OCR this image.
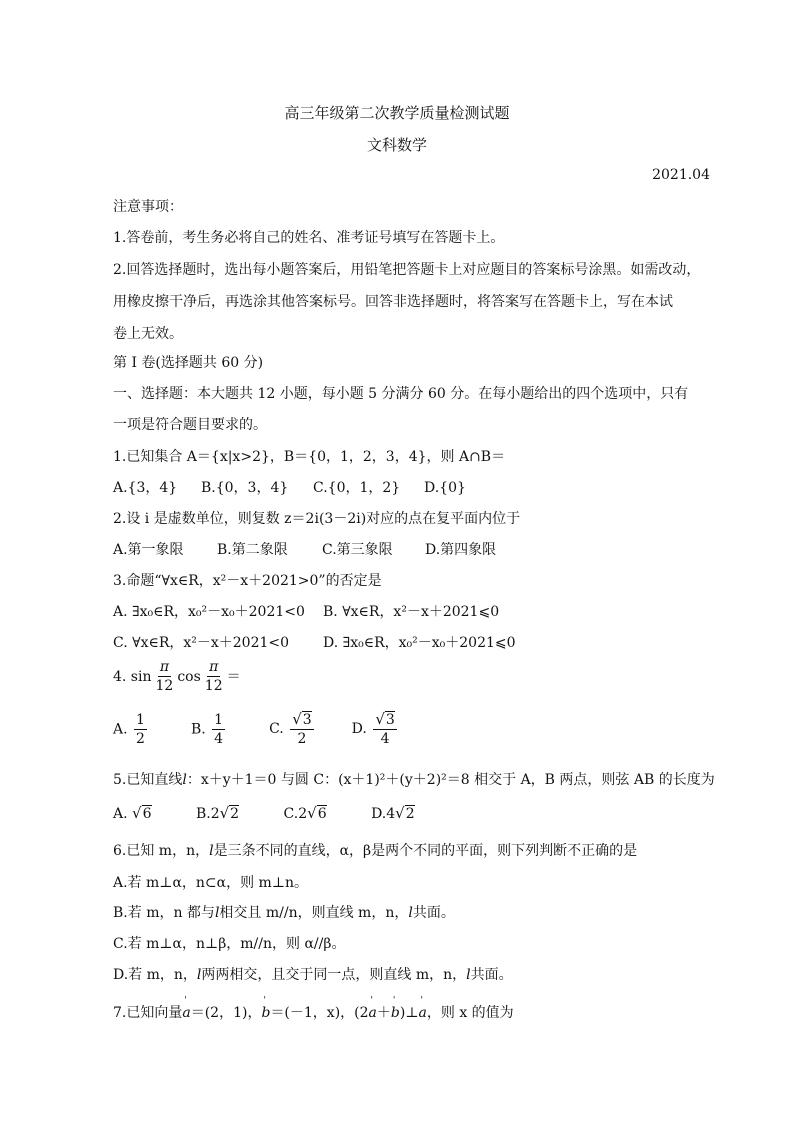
高三年级第二次教学质量检测试题
文科数学
2021.04
注意事项：
1.答卷前，考生务必将自己的姓名、准考证号填写在答题卡上。
2.回答选择题时，选出每小题答案后，用铅笔把答题卡上对应题目的答案标号涂黑。如需改动，
用橡皮擦干净后，再选涂其他答案标号。回答非选择题时，将答案写在答题卡上，写在本试
卷上无效。
第 I 卷(选择题共 60 分)
一、选择题：本大题共 12 小题，每小题 5 分满分 60 分。在每小题给出的四个选项中，只有
一项是符合题目要求的。
1.已知集合 A＝{x|x>2}，B＝{0，1，2，3，4}，则 A∩B＝
A.{3，4} B.{0，3，4} C.{0，1，2} D.{0}
2.设 i 是虚数单位，则复数 z＝2i(3－2i)对应的点在复平面内位于
A.第一象限 B.第二象限 C.第三象限 D.第四象限
3.命题“∀x∈R，x²－x＋2021>0”的否定是
A. ∃x₀∈R，x₀²－x₀＋2021<0 B. ∀x∈R，x²－x＋2021⩽0
C. ∀x∈R，x²－x＋2021<0 D. ∃x₀∈R，x₀²－x₀＋2021⩽0
4. $\sin \frac{\pi}{12}$ $\cos \frac{\pi}{12}$ ＝
A. $\frac{1}{2}$	B. $\frac{1}{4}$	C. $\frac{√3}{2}$	D. $\frac{√3}{4}$
5.已知直线l：x＋y＋1＝0 与圆 C：(x＋1)²＋(y＋2)²＝8 相交于 A，B 两点，则弦 AB 的长度为
A. √6	B.2√2	C.2√6	D.4√2
6.已知 m，n，l是三条不同的直线，α，β是两个不同的平面，则下列判断不正确的是
A.若 m⊥α，n⊂α，则 m⊥n。
B.若 m，n 都与l相交且 m//n，则直线 m，n，l共面。
C.若 m⊥α，n⊥β，m//n，则 α//β。
D.若 m，n，l两两相交，且交于同一点，则直线 m，n，l共面。
7.已知向量' a＝(2，1)，' b＝(－1，x)，(2' a＋' b)⊥' a，则 x 的值为
